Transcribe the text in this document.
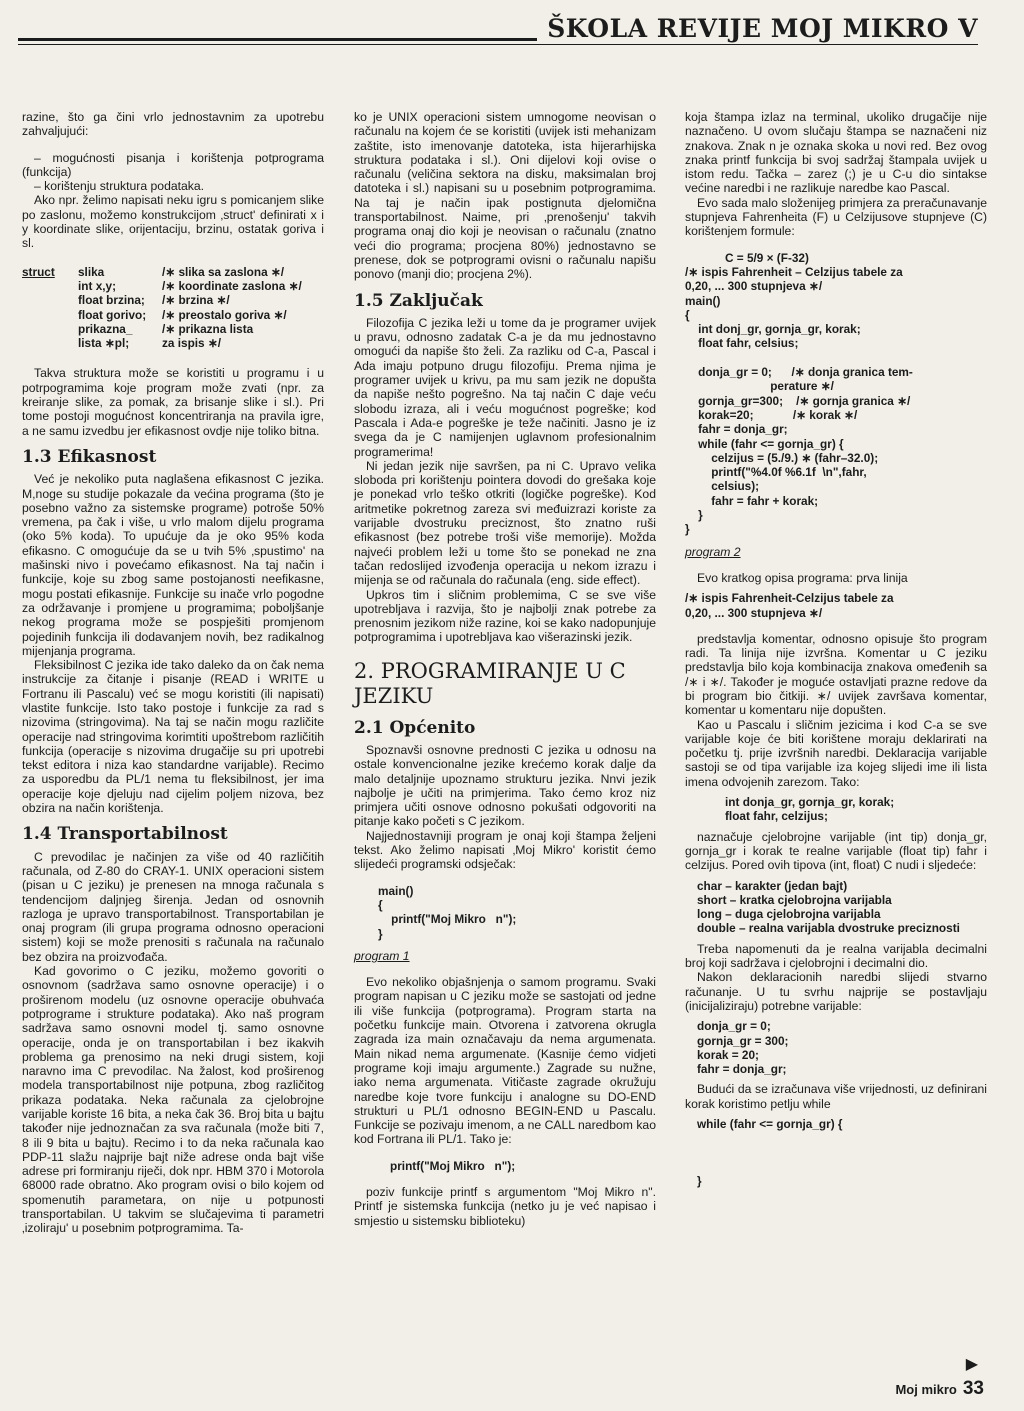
ŠKOLA REVIJE MOJ MIKRO V

razine, što ga čini vrlo jednostavnim za upotrebu zahvaljujući:

– mogućnosti pisanja i korištenja potprograma (funkcija)

– korištenju struktura podataka.

Ako npr. želimo napisati neku igru s pomicanjem slike po zaslonu, možemo konstrukcijom ‚struct' definirati x i y koordinate slike, orijentaciju, brzinu, ostatak goriva i sl.

struct	slika	/∗ slika sa zaslona ∗/
int x,y;	/∗ koordinate zaslona ∗/
float brzina;	/∗ brzina ∗/
float gorivo;	/∗ preostalo goriva ∗/
prikazna_	/∗ prikazna lista
lista ∗pl;	za ispis ∗/

Takva struktura može se koristiti u programu i u potrpogramima koje program može zvati (npr. za kreiranje slike, za pomak, za brisanje slike i sl.). Pri tome postoji mogućnost koncentriranja na pravila igre, a ne samu izvedbu jer efikasnost ovdje nije toliko bitna.

1.3 Efikasnost

Već je nekoliko puta naglašena efikasnost C jezika. M,noge su studije pokazale da većina programa (što je posebno važno za sistemske programe) potroše 50% vremena, pa čak i više, u vrlo malom dijelu programa (oko 5% koda). To upućuje da je oko 95% koda efikasno. C omogućuje da se u tvih 5% ‚spustimo' na mašinski nivo i povećamo efikasnost. Na taj način i funkcije, koje su zbog same postojanosti neefikasne, mogu postati efikasnije. Funkcije su inače vrlo pogodne za održavanje i promjene u programima; poboljšanje nekog programa može se pospješiti promjenom pojedinih funkcija ili dodavanjem novih, bez radikalnog mijenjanja programa.

Fleksibilnost C jezika ide tako daleko da on čak nema instrukcije za čitanje i pisanje (READ i WRITE u Fortranu ili Pascalu) već se mogu koristiti (ili napisati) vlastite funkcije. Isto tako postoje i funkcije za rad s nizovima (stringovima). Na taj se način mogu različite operacije nad stringovima korimtiti upoštrebom različitih funkcija (operacije s nizovima drugačije su pri upotrebi tekst editora i niza kao standardne varijable). Recimo za usporedbu da PL/1 nema tu fleksibilnost, jer ima operacije koje djeluju nad cijelim poljem nizova, bez obzira na način korištenja.

1.4 Transportabilnost

C prevodilac je načinjen za više od 40 različitih računala, od Z-80 do CRAY-1. UNIX operacioni sistem (pisan u C jeziku) je prenesen na mnoga računala s tendencijom daljnjeg širenja. Jedan od osnovnih razloga je upravo transportabilnost. Transportabilan je onaj program (ili grupa programa odnosno operacioni sistem) koji se može prenositi s računala na računalo bez obzira na proizvođača.

Kad govorimo o C jeziku, možemo govoriti o osnovnom (sadržava samo osnovne operacije) i o proširenom modelu (uz osnovne operacije obuhvaća potprograme i strukture podataka). Ako naš program sadržava samo osnovni model tj. samo osnovne operacije, onda je on transportabilan i bez ikakvih problema ga prenosimo na neki drugi sistem, koji naravno ima C prevodilac. Na žalost, kod proširenog modela transportabilnost nije potpuna, zbog različitog prikaza podataka. Neka računala za cjelobrojne varijable koriste 16 bita, a neka čak 36. Broj bita u bajtu također nije jednoznačan za sva računala (može biti 7, 8 ili 9 bita u bajtu). Recimo i to da neka računala kao PDP-11 slažu najprije bajt niže adrese onda bajt više adrese pri formiranju riječi, dok npr. HBM 370 i Motorola 68000 rade obratno. Ako program ovisi o bilo kojem od spomenutih parametara, on nije u potpunosti transportabilan. U takvim se slučajevima ti parametri ‚izoliraju' u posebnim potprogramima. Ta-

ko je UNIX operacioni sistem umnogome neovisan o računalu na kojem će se koristiti (uvijek isti mehanizam zaštite, isto imenovanje datoteka, ista hijerarhijska struktura podataka i sl.). Oni dijelovi koji ovise o računalu (veličina sektora na disku, maksimalan broj datoteka i sl.) napisani su u posebnim potprogramima. Na taj je način ipak postignuta djelomična transportabilnost. Naime, pri ‚prenošenju' takvih programa onaj dio koji je neovisan o računalu (znatno veći dio programa; procjena 80%) jednostavno se prenese, dok se potprogrami ovisni o računalu napišu ponovo (manji dio; procjena 2%).

1.5 Zaključak

Filozofija C jezika leži u tome da je programer uvijek u pravu, odnosno zadatak C-a je da mu jednostavno omogući da napiše što želi. Za razliku od C-a, Pascal i Ada imaju potpuno drugu filozofiju. Prema njima je programer uvijek u krivu, pa mu sam jezik ne dopušta da napiše nešto pogrešno. Na taj način C daje veću slobodu izraza, ali i veću mogućnost pogreške; kod Pascala i Ada-e pogreške je teže načiniti. Jasno je iz svega da je C namijenjen uglavnom profesionalnim programerima!

Ni jedan jezik nije savršen, pa ni C. Upravo velika sloboda pri korištenju pointera dovodi do grešaka koje je ponekad vrlo teško otkriti (logičke pogreške). Kod aritmetike pokretnog zareza svi međuizrazi koriste za varijable dvostruku preciznost, što znatno ruši efikasnost (bez potrebe troši više memorije). Možda najveći problem leži u tome što se ponekad ne zna tačan redoslijed izvođenja operacija u nekom izrazu i mijenja se od računala do računala (eng. side effect).

Upkros tim i sličnim problemima, C se sve više upotrebljava i razvija, što je najbolji znak potrebe za prenosnim jezikom niže razine, koi se kako nadopunjuje potprogramima i upotrebljava kao višerazinski jezik.

2. PROGRAMIRANJE U C JEZIKU
2.1 Općenito

Spoznavši osnovne prednosti C jezika u odnosu na ostale konvencionalne jezike krećemo korak dalje da malo detaljnije upoznamo strukturu jezika. Nnvi jezik najbolje je učiti na primjerima. Tako ćemo kroz niz primjera učiti osnove odnosno pokušati odgovoriti na pitanje kako početi s C jezikom.

Najjednostavniji program je onaj koji štampa željeni tekst. Ako želimo napisati ‚Moj Mikro' koristit ćemo slijedeći programski odsječak:

main()
{
printf("Moj Mikro   n");
}
program 1

Evo nekoliko objašnjenja o samom programu. Svaki program napisan u C jeziku može se sastojati od jedne ili više funkcija (potprograma). Program starta na početku funkcije main. Otvorena i zatvorena okrugla zagrada iza main označavaju da nema argumenata. Main nikad nema argumenate. (Kasnije ćemo vidjeti programe koji imaju argumente.) Zagrade su nužne, iako nema argumenata. Vitičaste zagrade okružuju naredbe koje tvore funkciju i analogne su DO-END strukturi u PL/1 odnosno BEGIN-END u Pascalu. Funkcije se pozivaju imenom, a ne CALL naredbom kao kod Fortrana ili PL/1. Tako je:

printf("Moj Mikro   n");

poziv funkcije printf s argumentom "Moj Mikro n". Printf je sistemska funkcija (netko ju je već napisao i smjestio u sistemsku biblioteku)

koja štampa izlaz na terminal, ukoliko drugačije nije naznačeno. U ovom slučaju štampa se naznačeni niz znakova. Znak n je oznaka skoka u novi red. Bez ovog znaka printf funkcija bi svoj sadržaj štampala uvijek u istom redu. Tačka – zarez (;) je u C-u dio sintakse većine naredbi i ne razlikuje naredbe kao Pascal.

Evo sada malo složenijeg primjera za preračunavanje stupnjeva Fahrenheita (F) u Celzijusove stupnjeve (C) korištenjem formule:

C = 5/9 × (F-32)
/∗ ispis Fahrenheit – Celzijus tabele za
0,20, ... 300 stupnjeva ∗/
main()
{
int donj_gr, gornja_gr, korak;
float fahr, celsius;

donja_gr = 0;      /∗ donja granica tem-
perature ∗/
gornja_gr=300;    /∗ gornja granica ∗/
korak=20;            /∗ korak ∗/
fahr = donja_gr;
while (fahr <= gornja_gr) {
celzijus = (5./9.) ∗ (fahr–32.0);
printf("%4.0f %6.1f  \n",fahr,
celsius);
fahr = fahr + korak;
}
}
program 2

Evo kratkog opisa programa: prva linija

/∗ ispis Fahrenheit-Celzijus tabele za
0,20, ... 300 stupnjeva ∗/

predstavlja komentar, odnosno opisuje što program radi. Ta linija nije izvršna. Komentar u C jeziku predstavlja bilo koja kombinacija znakova omeđenih sa /∗ i ∗/. Također je moguće ostavljati prazne redove da bi program bio čitkiji. ∗/ uvijek završava komentar, komentar u komentaru nije dopušten.

Kao u Pascalu i sličnim jezicima i kod C-a se sve varijable koje će biti korištene moraju deklarirati na početku tj. prije izvršnih naredbi. Deklaracija varijable sastoji se od tipa varijable iza kojeg slijedi ime ili lista imena odvojenih zarezom. Tako:

int donja_gr, gornja_gr, korak;
float fahr, celzijus;

naznačuje cjelobrojne varijable (int tip) donja_gr, gornja_gr i korak te realne varijable (float tip) fahr i celzijus. Pored ovih tipova (int, float) C nudi i sljedeće:

char – karakter (jedan bajt)
short – kratka cjelobrojna varijabla
long – duga cjelobrojna varijabla
double – realna varijabla dvostruke preciznosti

Treba napomenuti da je realna varijabla decimalni broj koji sadržava i cjelobrojni i decimalni dio.

Nakon deklaracionih naredbi slijedi stvarno računanje. U tu svrhu najprije se postavljaju (inicijaliziraju) potrebne varijable:

donja_gr = 0;
gornja_gr = 300;
korak = 20;
fahr = donja_gr;

Budući da se izračunava više vrijednosti, uz definirani korak koristimo petlju while

while (fahr <= gornja_gr) {

}
▶
Moj mikro 33
